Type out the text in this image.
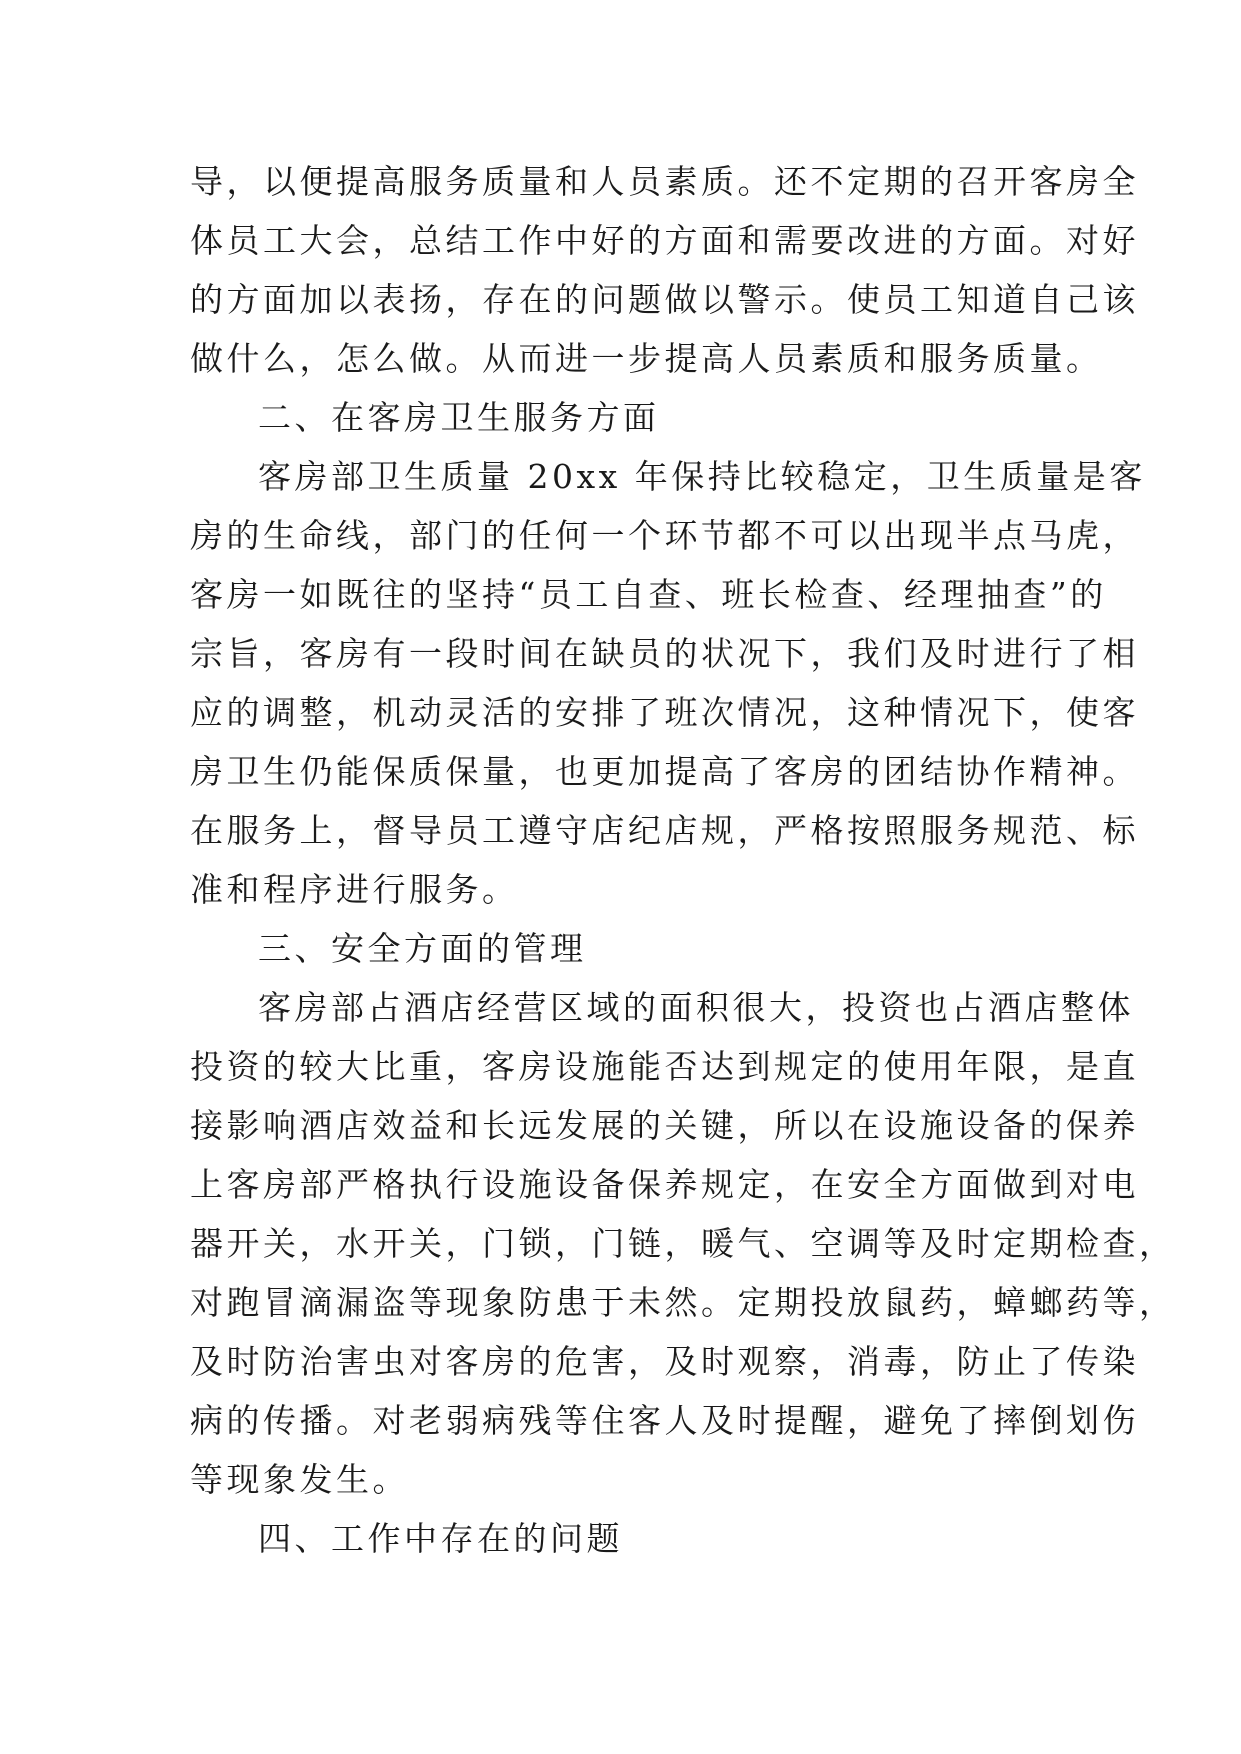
导，以便提高服务质量和人员素质。还不定期的召开客房全
体员工大会，总结工作中好的方面和需要改进的方面。对好
的方面加以表扬，存在的问题做以警示。使员工知道自己该
做什么，怎么做。从而进一步提高人员素质和服务质量。
二、在客房卫生服务方面
客房部卫生质量 20xx 年保持比较稳定，卫生质量是客
房的生命线，部门的任何一个环节都不可以出现半点马虎，
客房一如既往的坚持“员工自查、班长检查、经理抽查”的
宗旨，客房有一段时间在缺员的状况下，我们及时进行了相
应的调整，机动灵活的安排了班次情况，这种情况下，使客
房卫生仍能保质保量，也更加提高了客房的团结协作精神。
在服务上，督导员工遵守店纪店规，严格按照服务规范、标
准和程序进行服务。
三、安全方面的管理
客房部占酒店经营区域的面积很大，投资也占酒店整体
投资的较大比重，客房设施能否达到规定的使用年限，是直
接影响酒店效益和长远发展的关键，所以在设施设备的保养
上客房部严格执行设施设备保养规定，在安全方面做到对电
器开关，水开关，门锁，门链，暖气、空调等及时定期检查，
对跑冒滴漏盗等现象防患于未然。定期投放鼠药，蟑螂药等，
及时防治害虫对客房的危害，及时观察，消毒，防止了传染
病的传播。对老弱病残等住客人及时提醒，避免了摔倒划伤
等现象发生。
四、工作中存在的问题
